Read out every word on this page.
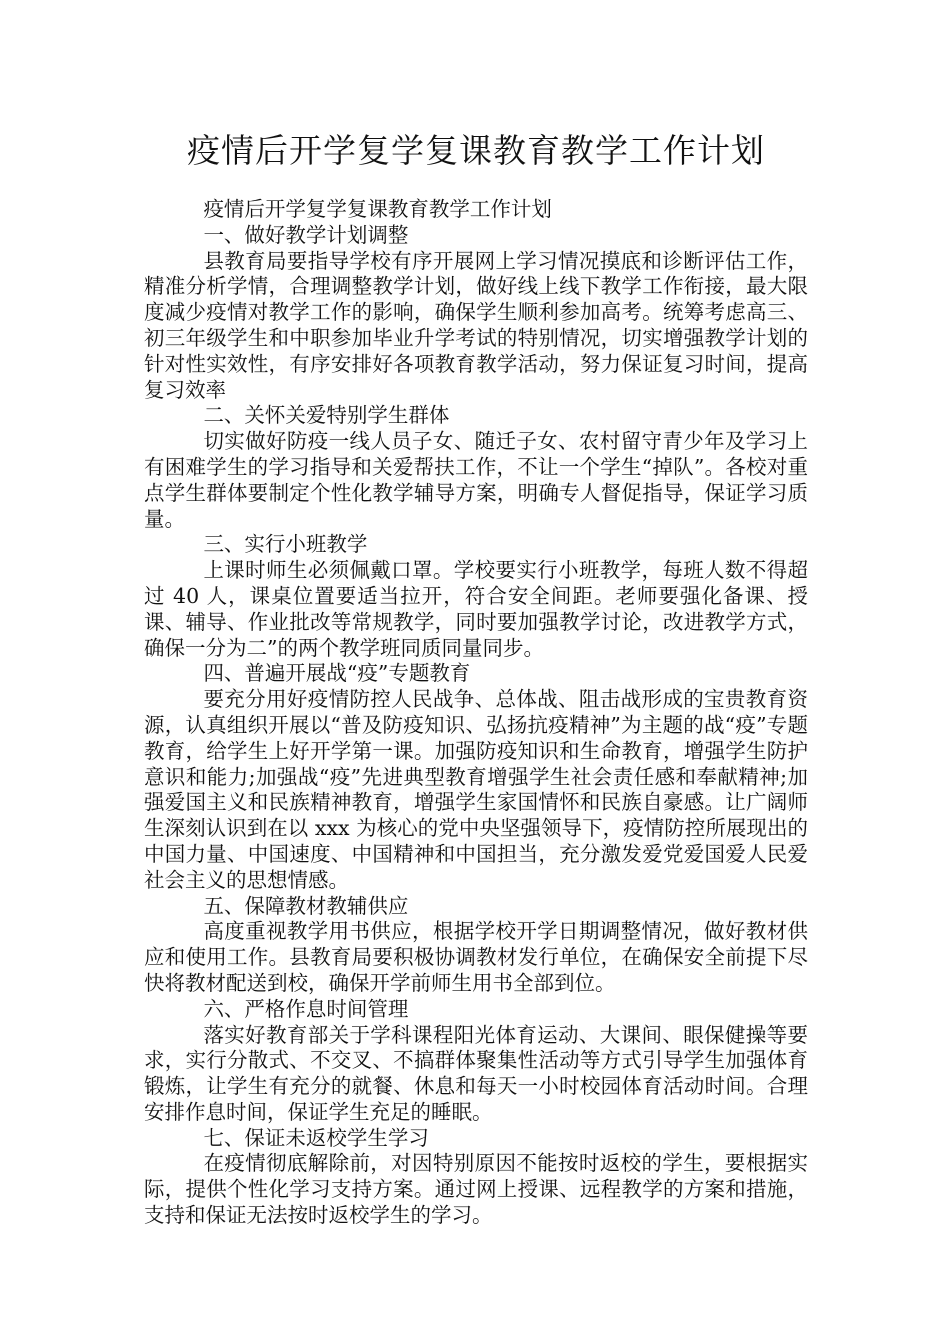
疫情后开学复学复课教育教学工作计划

疫情后开学复学复课教育教学工作计划

一、做好教学计划调整

县教育局要指导学校有序开展网上学习情况摸底和诊断评估工作，精准分析学情，合理调整教学计划，做好线上线下教学工作衔接，最大限度减少疫情对教学工作的影响，确保学生顺利参加高考。统筹考虑高三、初三年级学生和中职参加毕业升学考试的特别情况，切实增强教学计划的针对性实效性，有序安排好各项教育教学活动，努力保证复习时间，提高复习效率

二、关怀关爱特别学生群体

切实做好防疫一线人员子女、随迁子女、农村留守青少年及学习上有困难学生的学习指导和关爱帮扶工作，不让一个学生“掉队”。各校对重点学生群体要制定个性化教学辅导方案，明确专人督促指导，保证学习质量。

三、实行小班教学

上课时师生必须佩戴口罩。学校要实行小班教学，每班人数不得超过 40 人，课桌位置要适当拉开，符合安全间距。老师要强化备课、授课、辅导、作业批改等常规教学，同时要加强教学讨论，改进教学方式，确保一分为二”的两个教学班同质同量同步。

四、普遍开展战“疫”专题教育

要充分用好疫情防控人民战争、总体战、阻击战形成的宝贵教育资源，认真组织开展以“普及防疫知识、弘扬抗疫精神”为主题的战“疫”专题教育，给学生上好开学第一课。加强防疫知识和生命教育，增强学生防护意识和能力;加强战“疫”先进典型教育增强学生社会责任感和奉献精神;加强爱国主义和民族精神教育，增强学生家国情怀和民族自豪感。让广阔师生深刻认识到在以 xxx 为核心的党中央坚强领导下，疫情防控所展现出的中国力量、中国速度、中国精神和中国担当，充分激发爱党爱国爱人民爱社会主义的思想情感。

五、保障教材教辅供应

高度重视教学用书供应，根据学校开学日期调整情况，做好教材供应和使用工作。县教育局要积极协调教材发行单位，在确保安全前提下尽快将教材配送到校，确保开学前师生用书全部到位。

六、严格作息时间管理

落实好教育部关于学科课程阳光体育运动、大课间、眼保健操等要求，实行分散式、不交叉、不搞群体聚集性活动等方式引导学生加强体育锻炼，让学生有充分的就餐、休息和每天一小时校园体育活动时间。合理安排作息时间，保证学生充足的睡眠。

七、保证未返校学生学习

在疫情彻底解除前，对因特别原因不能按时返校的学生，要根据实际，提供个性化学习支持方案。通过网上授课、远程教学的方案和措施，支持和保证无法按时返校学生的学习。
